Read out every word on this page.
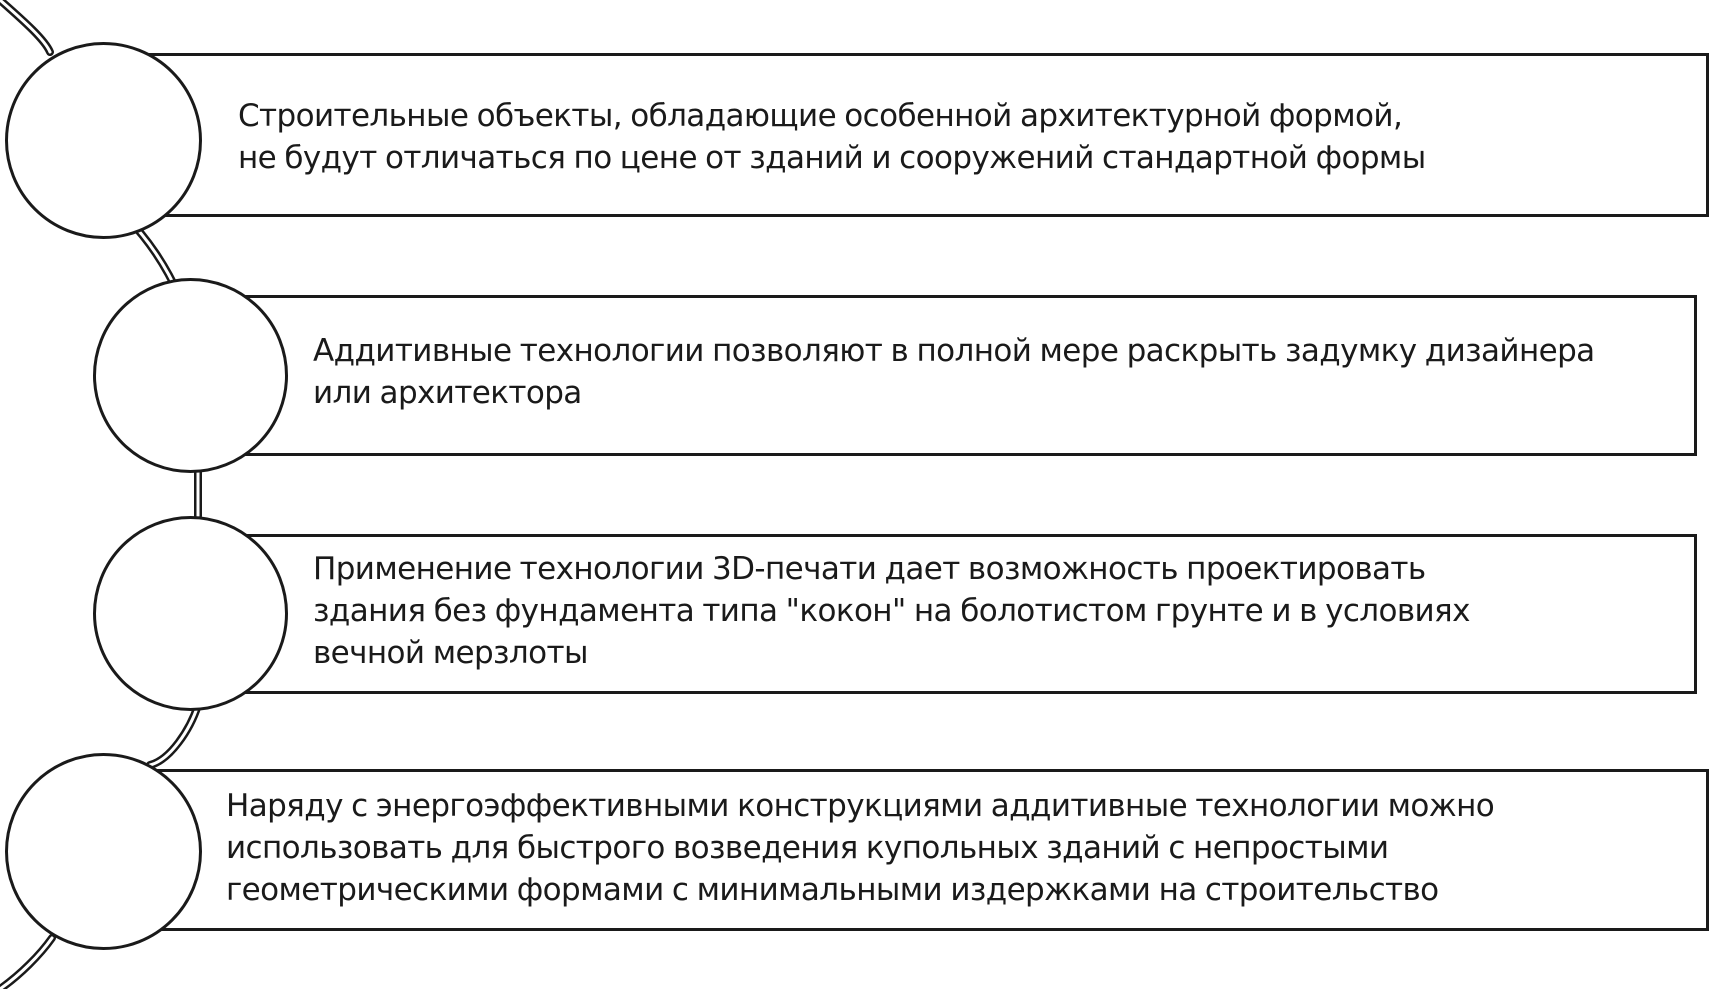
Строительные объекты, обладающие особенной архитектурной формой,
не будут отличаться по цене от зданий и сооружений стандартной формы
Аддитивные технологии позволяют в полной мере раскрыть задумку дизайнера
или архитектора
Применение технологии 3D-печати дает возможность проектировать
здания без фундамента типа "кокон" на болотистом грунте и в условиях
вечной мерзлоты
Наряду с энергоэффективными конструкциями аддитивные технологии можно
использовать для быстрого возведения купольных зданий с непростыми
геометрическими формами с минимальными издержками на строительство
